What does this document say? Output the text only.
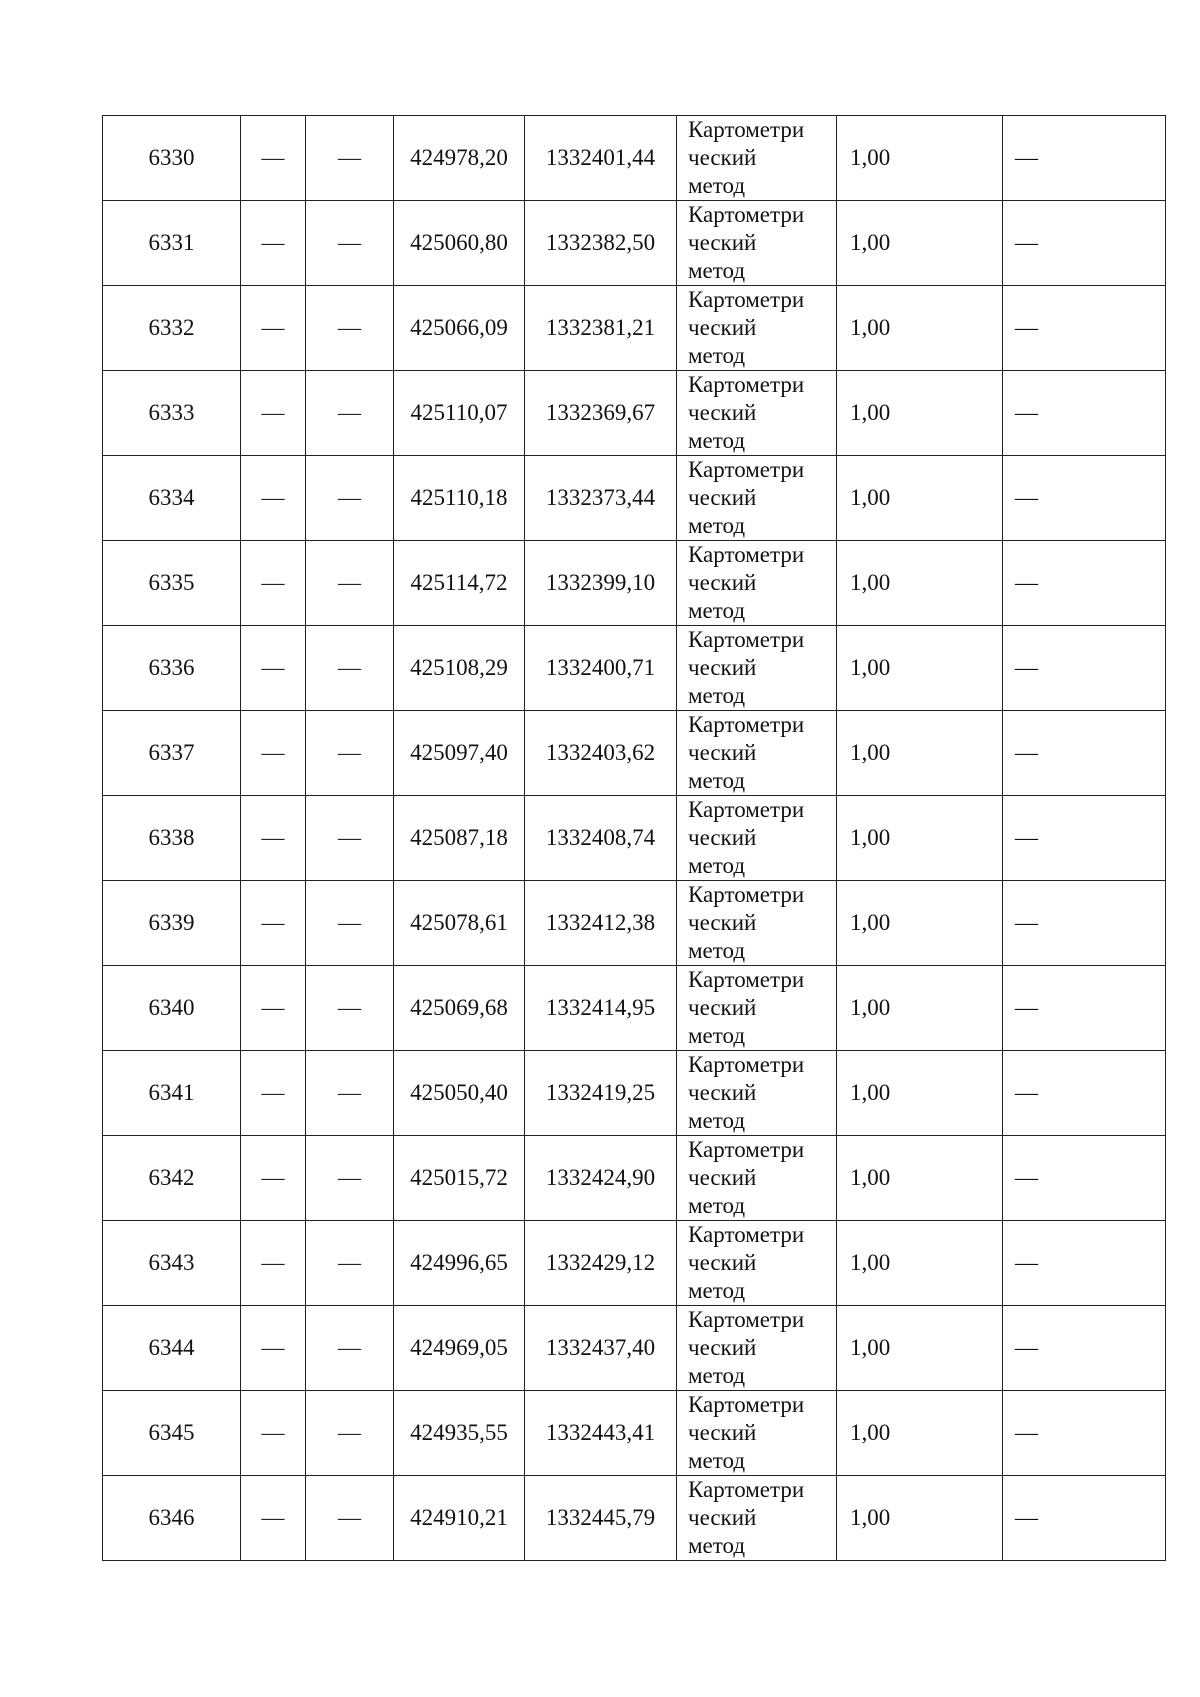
6330	—	—	424978,20	1332401,44	Картометри
ческий
метод	1,00	—
6331	—	—	425060,80	1332382,50	Картометри
ческий
метод	1,00	—
6332	—	—	425066,09	1332381,21	Картометри
ческий
метод	1,00	—
6333	—	—	425110,07	1332369,67	Картометри
ческий
метод	1,00	—
6334	—	—	425110,18	1332373,44	Картометри
ческий
метод	1,00	—
6335	—	—	425114,72	1332399,10	Картометри
ческий
метод	1,00	—
6336	—	—	425108,29	1332400,71	Картометри
ческий
метод	1,00	—
6337	—	—	425097,40	1332403,62	Картометри
ческий
метод	1,00	—
6338	—	—	425087,18	1332408,74	Картометри
ческий
метод	1,00	—
6339	—	—	425078,61	1332412,38	Картометри
ческий
метод	1,00	—
6340	—	—	425069,68	1332414,95	Картометри
ческий
метод	1,00	—
6341	—	—	425050,40	1332419,25	Картометри
ческий
метод	1,00	—
6342	—	—	425015,72	1332424,90	Картометри
ческий
метод	1,00	—
6343	—	—	424996,65	1332429,12	Картометри
ческий
метод	1,00	—
6344	—	—	424969,05	1332437,40	Картометри
ческий
метод	1,00	—
6345	—	—	424935,55	1332443,41	Картометри
ческий
метод	1,00	—
6346	—	—	424910,21	1332445,79	Картометри
ческий
метод	1,00	—
